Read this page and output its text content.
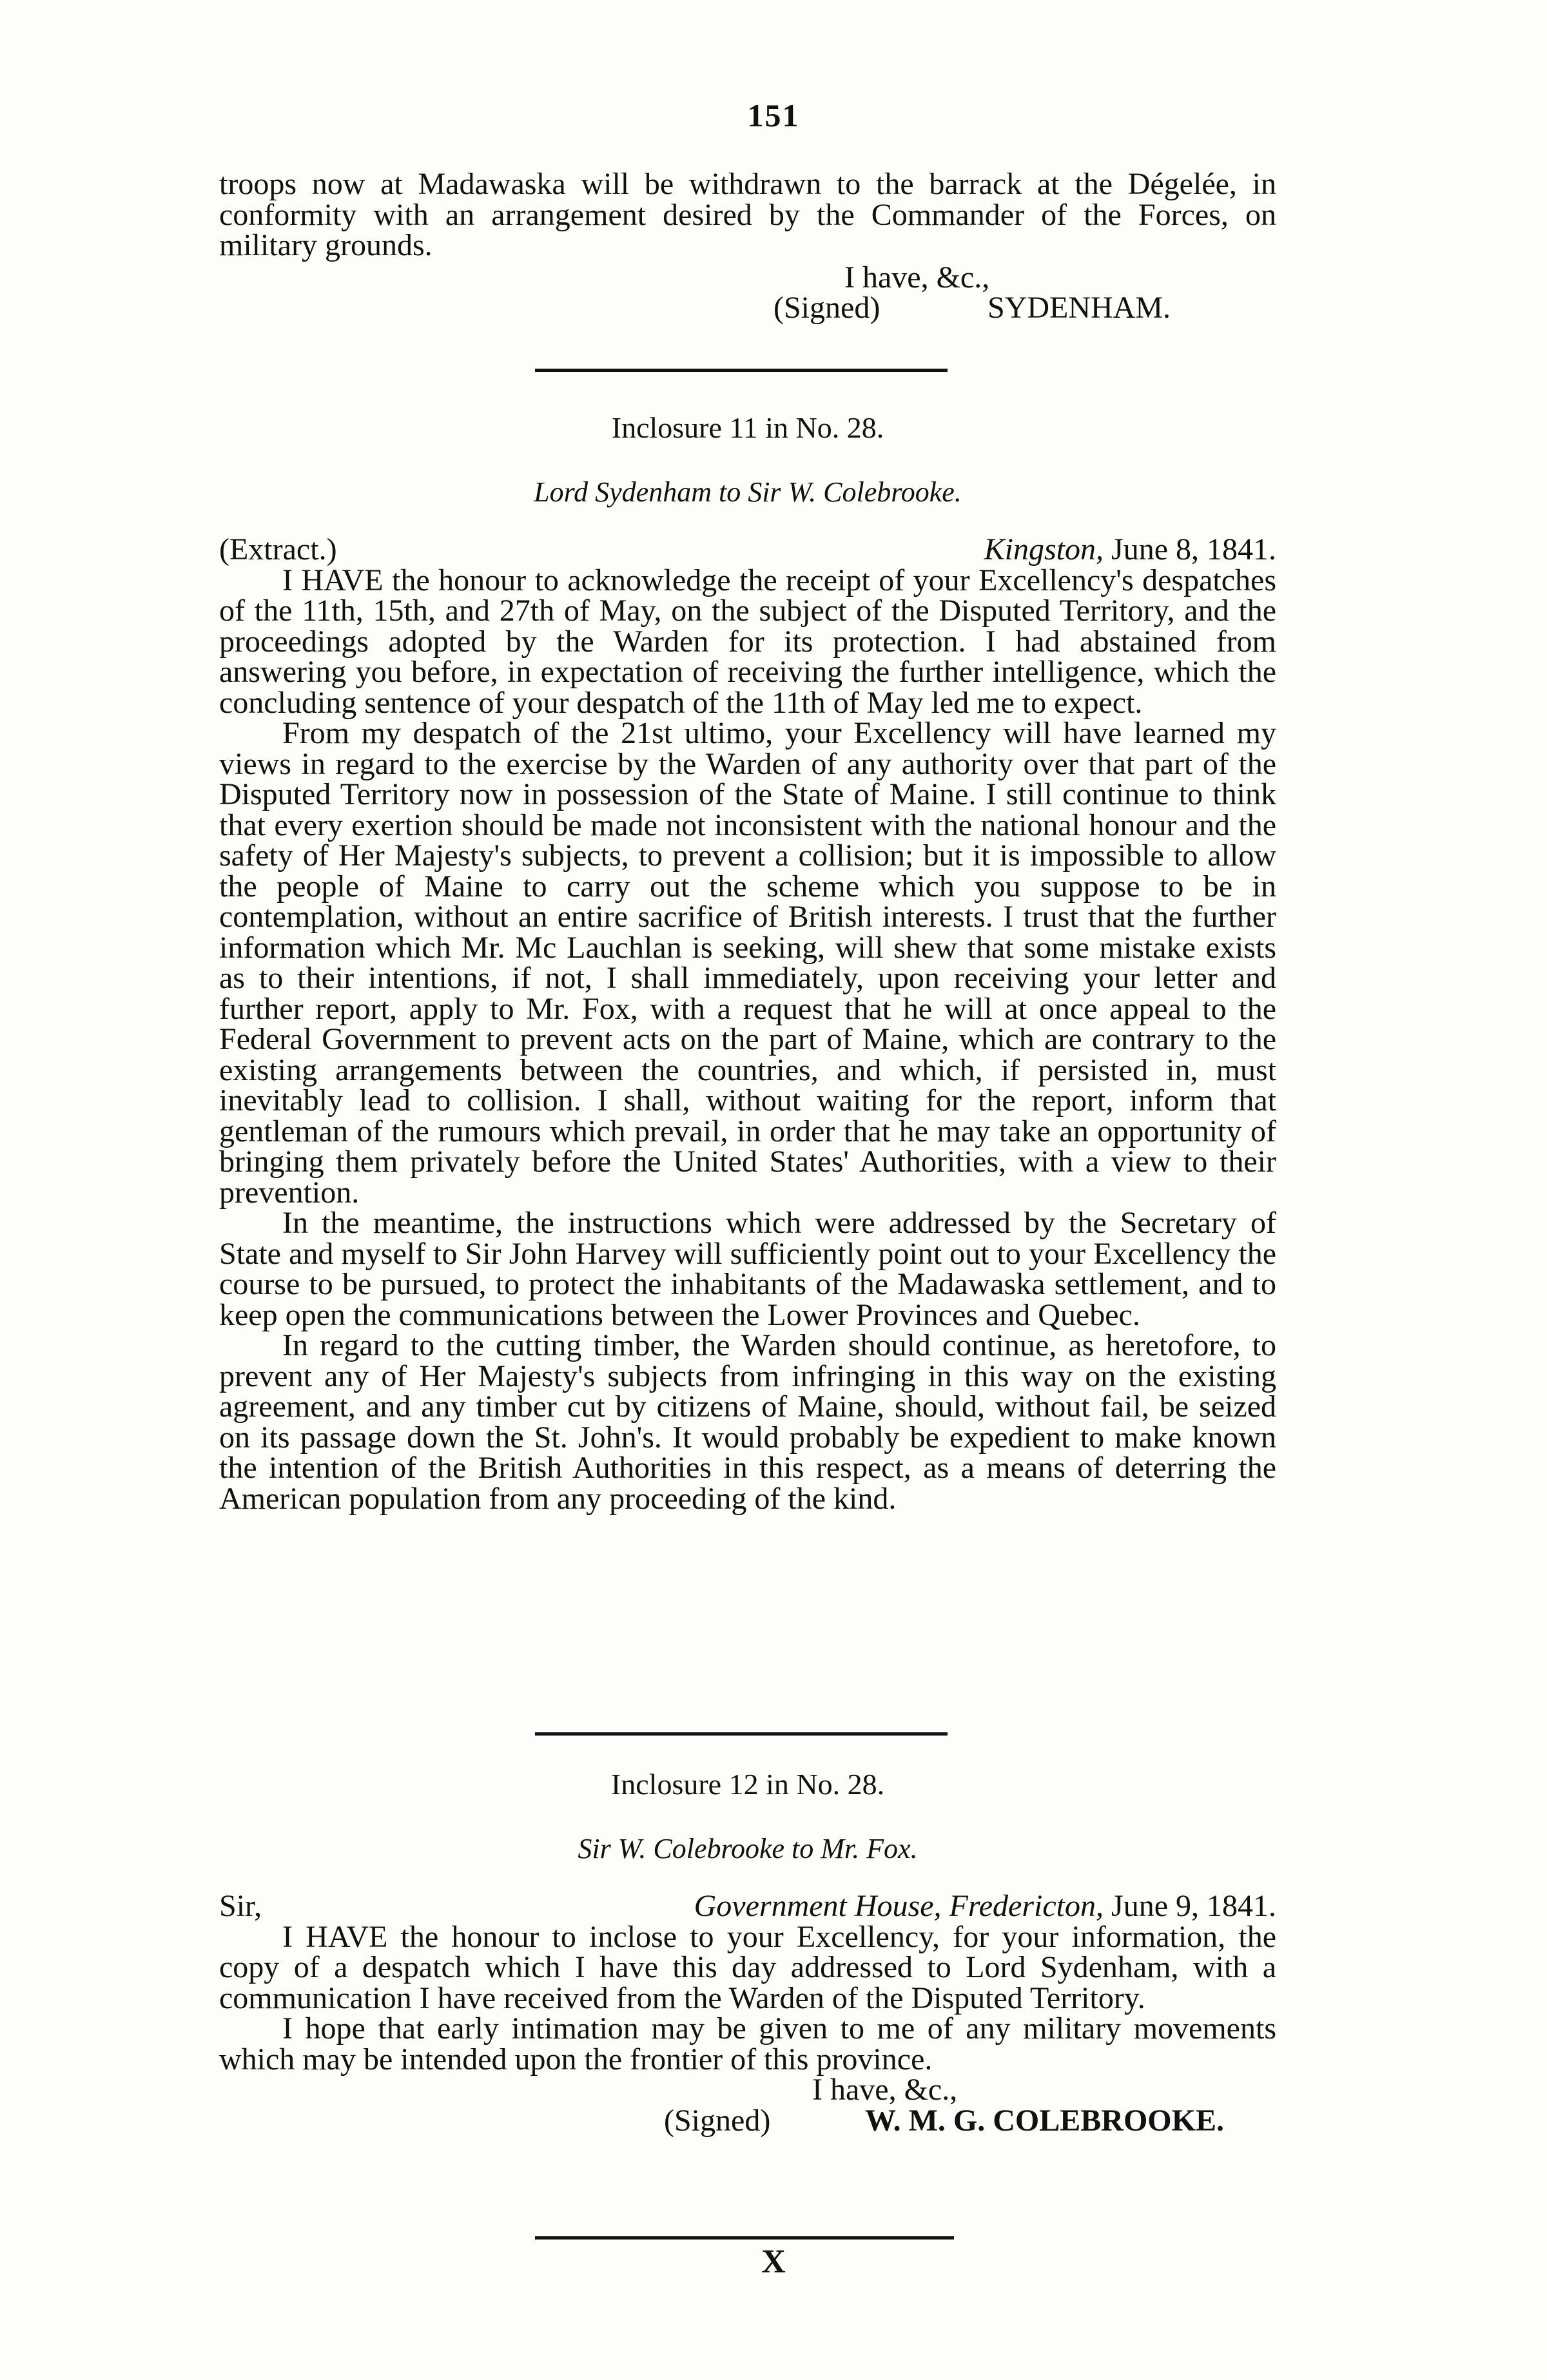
151

troops now at Madawaska will be withdrawn to the barrack at the Dégelée, in conformity with an arrangement desired by the Commander of the Forces, on military grounds.

I have, &c.,
(Signed)	SYDENHAM.
Inclosure 11 in No. 28.
Lord Sydenham to Sir W. Colebrooke.
(Extract.)	Kingston, June 8, 1841.

I HAVE the honour to acknowledge the receipt of your Excellency's despatches of the 11th, 15th, and 27th of May, on the subject of the Disputed Territory, and the proceedings adopted by the Warden for its protection. I had abstained from answering you before, in expectation of receiving the further intelligence, which the concluding sentence of your despatch of the 11th of May led me to expect.

From my despatch of the 21st ultimo, your Excellency will have learned my views in regard to the exercise by the Warden of any authority over that part of the Disputed Territory now in possession of the State of Maine. I still continue to think that every exertion should be made not inconsistent with the national honour and the safety of Her Majesty's subjects, to prevent a collision; but it is impossible to allow the people of Maine to carry out the scheme which you suppose to be in contemplation, without an entire sacrifice of British interests. I trust that the further information which Mr. Mc Lauchlan is seeking, will shew that some mistake exists as to their intentions, if not, I shall immediately, upon receiving your letter and further report, apply to Mr. Fox, with a request that he will at once appeal to the Federal Government to prevent acts on the part of Maine, which are contrary to the existing arrangements between the countries, and which, if persisted in, must inevitably lead to collision. I shall, without waiting for the report, inform that gentleman of the rumours which prevail, in order that he may take an opportunity of bringing them privately before the United States' Authorities, with a view to their prevention.

In the meantime, the instructions which were addressed by the Secretary of State and myself to Sir John Harvey will sufficiently point out to your Excellency the course to be pursued, to protect the inhabitants of the Madawaska settlement, and to keep open the communications between the Lower Provinces and Quebec.

In regard to the cutting timber, the Warden should continue, as heretofore, to prevent any of Her Majesty's subjects from infringing in this way on the existing agreement, and any timber cut by citizens of Maine, should, without fail, be seized on its passage down the St. John's. It would probably be expedient to make known the intention of the British Authorities in this respect, as a means of deterring the American population from any proceeding of the kind.

Inclosure 12 in No. 28.
Sir W. Colebrooke to Mr. Fox.
Sir,	Government House, Fredericton, June 9, 1841.

I HAVE the honour to inclose to your Excellency, for your information, the copy of a despatch which I have this day addressed to Lord Sydenham, with a communication I have received from the Warden of the Disputed Territory.

I hope that early intimation may be given to me of any military movements which may be intended upon the frontier of this province.

I have, &c.,
(Signed)	W. M. G. COLEBROOKE.
X
